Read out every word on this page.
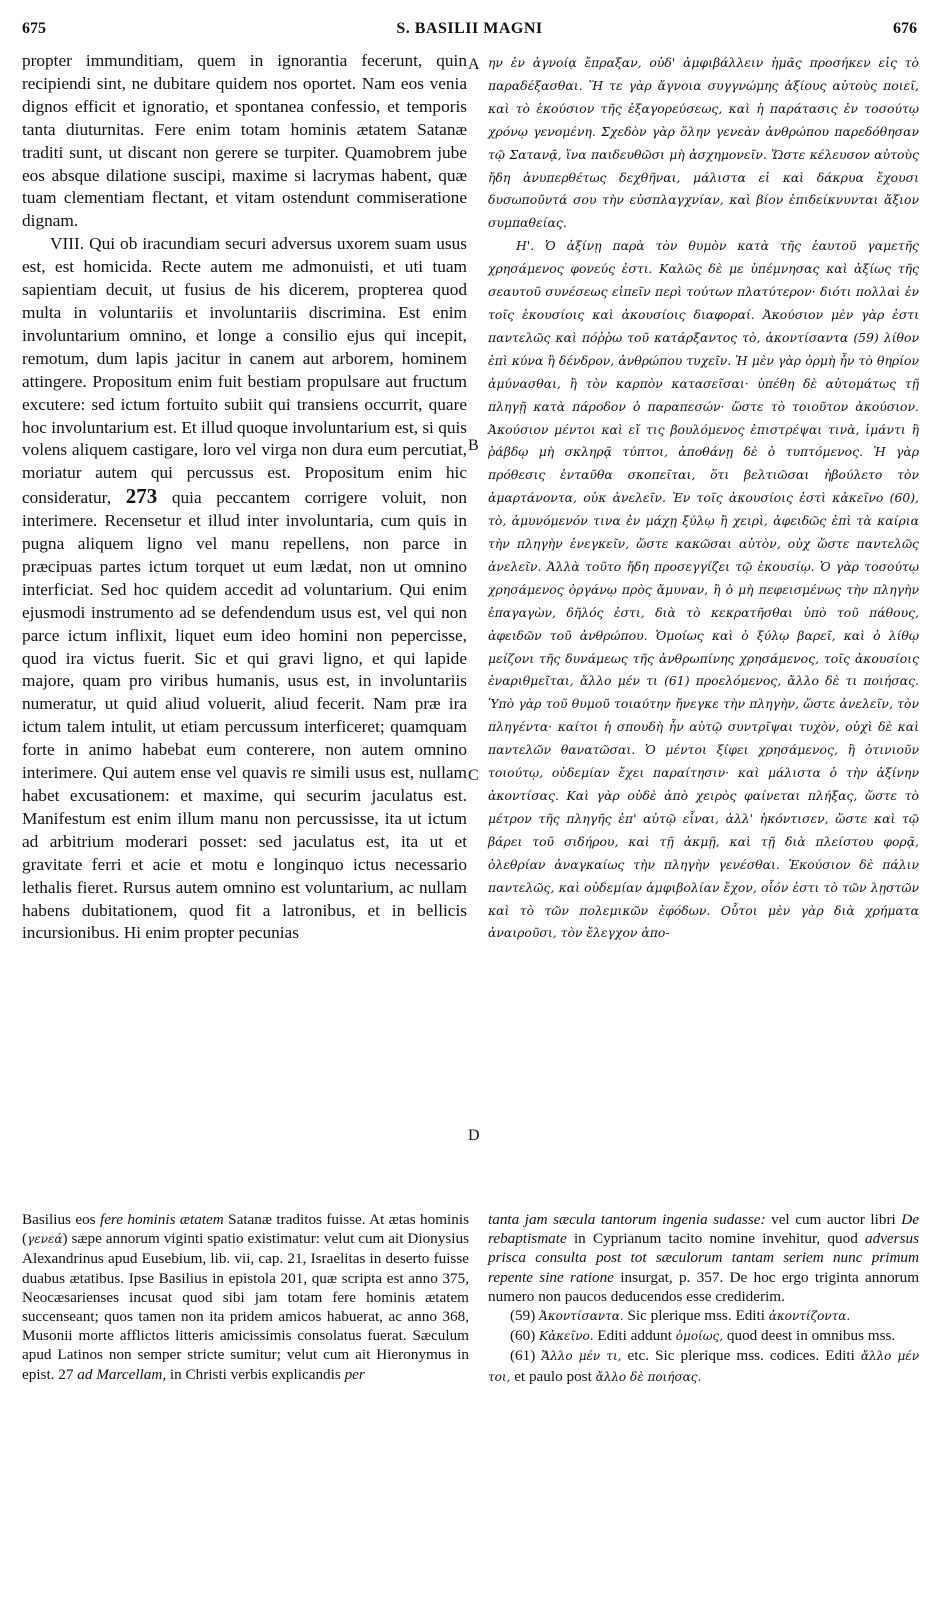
675	S. BASILII MAGNI	676

propter immunditiam, quem in ignorantia fecerunt, quin recipiendi sint, ne dubitare quidem nos oportet. Nam eos venia dignos efficit et ignoratio, et spontanea confessio, et temporis tanta diuturnitas. Fere enim totam hominis ætatem Satanæ traditi sunt, ut discant non gerere se turpiter. Quamobrem jube eos absque dilatione suscipi, maxime si lacrymas habent, quæ tuam clementiam flectant, et vitam ostendunt commiseratione dignam.

VIII. Qui ob iracundiam securi adversus uxorem suam usus est, est homicida. Recte autem me admonuisti, et uti tuam sapientiam decuit, ut fusius de his dicerem, propterea quod multa in voluntariis et involuntariis discrimina. Est enim involuntarium omnino, et longe a consilio ejus qui incepit, remotum, dum lapis jacitur in canem aut arborem, hominem attingere. Propositum enim fuit bestiam propulsare aut fructum excutere: sed ictum fortuito subiit qui transiens occurrit, quare hoc involuntarium est. Et illud quoque involuntarium est, si quis volens aliquem castigare, loro vel virga non dura eum percutiat, moriatur autem qui percussus est. Propositum enim hic consideratur, 273 quia peccantem corrigere voluit, non interimere. Recensetur et illud inter involuntaria, cum quis in pugna aliquem ligno vel manu repellens, non parce in præcipuas partes ictum torquet ut eum lædat, non ut omnino interficiat. Sed hoc quidem accedit ad voluntarium. Qui enim ejusmodi instrumento ad se defendendum usus est, vel qui non parce ictum inflixit, liquet eum ideo homini non pepercisse, quod ira victus fuerit. Sic et qui gravi ligno, et qui lapide majore, quam pro viribus humanis, usus est, in involuntariis numeratur, ut quid aliud voluerit, aliud fecerit. Nam præ ira ictum talem intulit, ut etiam percussum interficeret; quamquam forte in animo habebat eum conterere, non autem omnino interimere. Qui autem ense vel quavis re simili usus est, nullam habet excusationem: et maxime, qui securim jaculatus est. Manifestum est enim illum manu non percussisse, ita ut ictum ad arbitrium moderari posset: sed jaculatus est, ita ut et gravitate ferri et acie et motu e longinquo ictus necessario lethalis fieret. Rursus autem omnino est voluntarium, ac nullam habens dubitationem, quod fit a latronibus, et in bellicis incursionibus. Hi enim propter pecunias

ην ἐν ἀγνοίᾳ ἔπραξαν, οὐδ' ἀμφιβάλλειν ἡμᾶς προσήκεν εἰς τὸ παραδέξασθαι. Ἥ τε γὰρ ἄγνοια συγγνώμης ἀξίους αὐτοὺς ποιεῖ, καὶ τὸ ἑκούσιον τῆς ἐξαγορεύσεως, καὶ ἡ παράτασις ἐν τοσούτῳ χρόνῳ γενομένη. Σχεδὸν γὰρ ὅλην γενεὰν ἀνθρώπου παρεδόθησαν τῷ Σατανᾷ, ἵνα παιδευθῶσι μὴ ἀσχημονεῖν. Ὥστε κέλευσον αὐτοὺς ἤδη ἀνυπερθέτως δεχθῆναι, μάλιστα εἰ καὶ δάκρυα ἔχουσι δυσωποῦντά σου τὴν εὐσπλαγχνίαν, καὶ βίον ἐπιδείκνυνται ἄξιον συμπαθείας.

Η'. Ὁ ἀξίνῃ παρὰ τὸν θυμὸν κατὰ τῆς ἑαυτοῦ γαμετῆς χρησάμενος φονεύς ἐστι. Καλῶς δὲ με ὑπέμνησας καὶ ἀξίως τῆς σεαυτοῦ συνέσεως εἰπεῖν περὶ τούτων πλατύτερον· διότι πολλαὶ ἐν τοῖς ἑκουσίοις καὶ ἀκουσίοις διαφοραί. Ἀκούσιον μὲν γὰρ ἐστι παντελῶς καὶ πόῤῥω τοῦ κατάρξαντος τὸ, ἀκοντίσαντα (59) λίθον ἐπὶ κύνα ἢ δένδρον, ἀνθρώπου τυχεῖν. Ἡ μὲν γὰρ ὁρμὴ ἦν τὸ θηρίον ἀμύνασθαι, ἢ τὸν καρπὸν κατασεῖσαι· ὑπέθη δὲ αὐτομάτως τῇ πληγῇ κατὰ πάροδον ὁ παραπεσών· ὥστε τὸ τοιοῦτον ἀκούσιον. Ἀκούσιον μέντοι καὶ εἴ τις βουλόμενος ἐπιστρέψαι τινὰ, ἱμάντι ἢ ῥάβδῳ μὴ σκληρᾷ τύπτοι, ἀποθάνῃ δὲ ὁ τυπτόμενος. Ἡ γὰρ πρόθεσις ἐνταῦθα σκοπεῖται, ὅτι βελτιῶσαι ἠβούλετο τὸν ἁμαρτάνοντα, οὐκ ἀνελεῖν. Ἐν τοῖς ἀκουσίοις ἐστὶ κἀκεῖνο (60), τὸ, ἀμυνόμενόν τινα ἐν μάχῃ ξύλῳ ἢ χειρὶ, ἀφειδῶς ἐπὶ τὰ καίρια τὴν πληγὴν ἐνεγκεῖν, ὥστε κακῶσαι αὐτὸν, οὐχ ὥστε παντελῶς ἀνελεῖν. Ἀλλὰ τοῦτο ἤδη προσεγγίζει τῷ ἑκουσίῳ. Ὁ γὰρ τοσούτῳ χρησάμενος ὀργάνῳ πρὸς ἄμυναν, ἢ ὁ μὴ πεφεισμένως τὴν πληγὴν ἐπαγαγὼν, δῆλός ἐστι, διὰ τὸ κεκρατῆσθαι ὑπὸ τοῦ πάθους, ἀφειδῶν τοῦ ἀνθρώπου. Ὁμοίως καὶ ὁ ξύλῳ βαρεῖ, καὶ ὁ λίθῳ μείζονι τῆς δυνάμεως τῆς ἀνθρωπίνης χρησάμενος, τοῖς ἀκουσίοις ἐναριθμεῖται, ἄλλο μέν τι (61) προελόμενος, ἄλλο δὲ τι ποιήσας. Ὑπὸ γὰρ τοῦ θυμοῦ τοιαύτην ἤνεγκε τὴν πληγὴν, ὥστε ἀνελεῖν, τὸν πληγέντα· καίτοι ἡ σπουδὴ ἦν αὐτῷ συντρῖψαι τυχὸν, οὐχὶ δὲ καὶ παντελῶν θανατῶσαι. Ὁ μέντοι ξίφει χρησάμενος, ἢ ὁτινιοῦν τοιούτῳ, οὐδεμίαν ἔχει παραίτησιν· καὶ μάλιστα ὁ τὴν ἀξίνην ἀκοντίσας. Καὶ γὰρ οὐδὲ ἀπὸ χειρὸς φαίνεται πλήξας, ὥστε τὸ μέτρον τῆς πληγῆς ἐπ' αὐτῷ εἶναι, ἀλλ' ἠκόντισεν, ὥστε καὶ τῷ βάρει τοῦ σιδήρου, καὶ τῇ ἀκμῇ, καὶ τῇ διὰ πλείστου φορᾷ, ὀλεθρίαν ἀναγκαίως τὴν πληγὴν γενέσθαι. Ἑκούσιον δὲ πάλιν παντελῶς, καὶ οὐδεμίαν ἀμφιβολίαν ἔχον, οἷόν ἐστι τὸ τῶν λῃστῶν καὶ τὸ τῶν πολεμικῶν ἐφόδων. Οὗτοι μὲν γὰρ διὰ χρήματα ἀναιροῦσι, τὸν ἔλεγχον ἀπο-

A
B
C
D

Basilius eos fere hominis ætatem Satanæ traditos fuisse. At ætas hominis (γενεά) sæpe annorum viginti spatio existimatur: velut cum ait Dionysius Alexandrinus apud Eusebium, lib. vii, cap. 21, Israelitas in deserto fuisse duabus ætatibus. Ipse Basilius in epistola 201, quæ scripta est anno 375, Neocæsarienses incusat quod sibi jam totam fere hominis ætatem succenseant; quos tamen non ita pridem amicos habuerat, ac anno 368, Musonii morte afflictos litteris amicissimis consolatus fuerat. Sæculum apud Latinos non semper stricte sumitur; velut cum ait Hieronymus in epist. 27 ad Marcellam, in Christi verbis explicandis per

tanta jam sæcula tantorum ingenia sudasse: vel cum auctor libri De rebaptismate in Cyprianum tacito nomine invehitur, quod adversus prisca consulta post tot sæculorum tantam seriem nunc primum repente sine ratione insurgat, p. 357. De hoc ergo triginta annorum numero non paucos deducendos esse crediderim.

(59) Ἀκοντίσαντα. Sic plerique mss. Editi ἀκοντίζοντα.

(60) Κἀκεῖνο. Editi addunt ὁμοίως, quod deest in omnibus mss.

(61) Ἄλλο μέν τι, etc. Sic plerique mss. codices. Editi ἄλλο μέν τοι, et paulo post ἄλλο δὲ ποιήσας.
